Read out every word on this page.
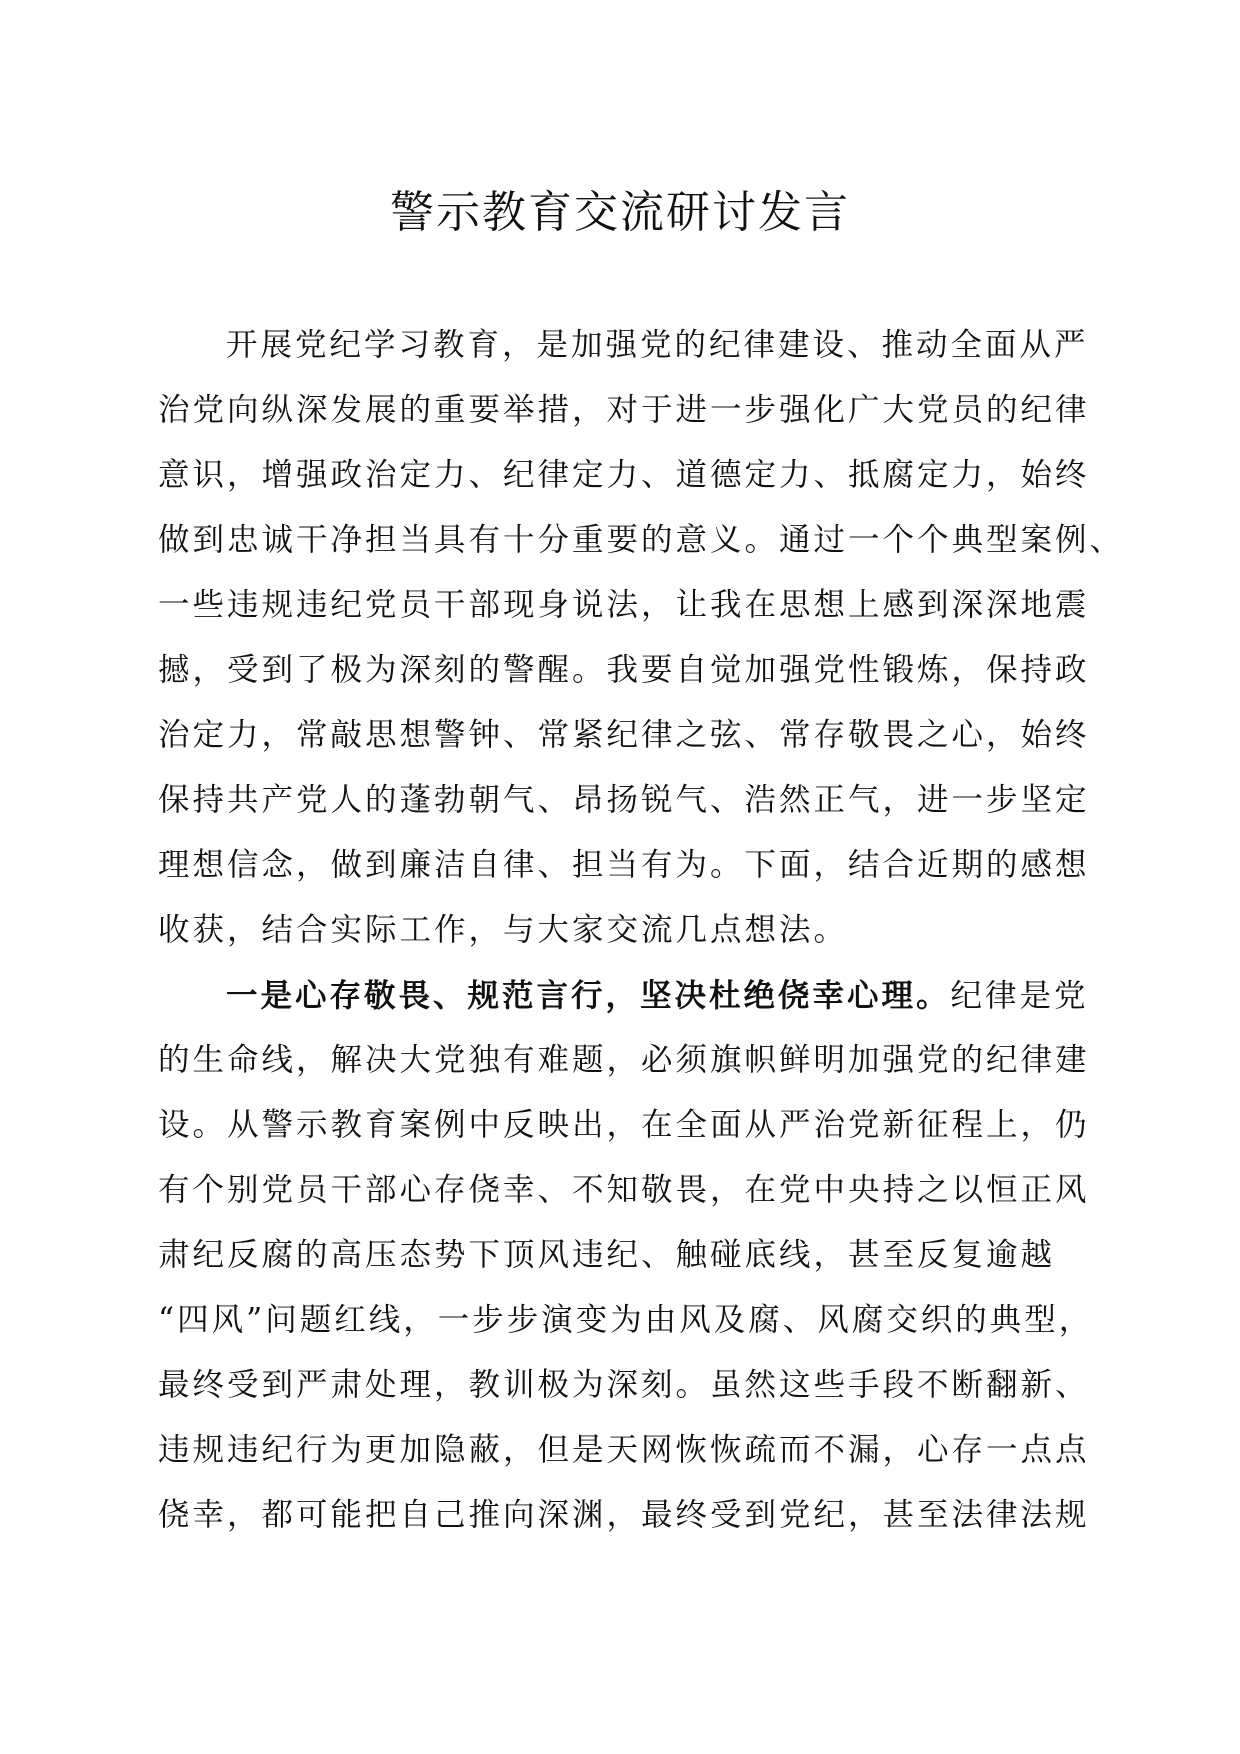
警示教育交流研讨发言
开展党纪学习教育，是加强党的纪律建设、推动全面从严
治党向纵深发展的重要举措，对于进一步强化广大党员的纪律
意识，增强政治定力、纪律定力、道德定力、抵腐定力，始终
做到忠诚干净担当具有十分重要的意义。通过一个个典型案例、
一些违规违纪党员干部现身说法，让我在思想上感到深深地震
撼，受到了极为深刻的警醒。我要自觉加强党性锻炼，保持政
治定力，常敲思想警钟、常紧纪律之弦、常存敬畏之心，始终
保持共产党人的蓬勃朝气、昂扬锐气、浩然正气，进一步坚定
理想信念，做到廉洁自律、担当有为。下面，结合近期的感想
收获，结合实际工作，与大家交流几点想法。
一是心存敬畏、规范言行，坚决杜绝侥幸心理。纪律是党
的生命线，解决大党独有难题，必须旗帜鲜明加强党的纪律建
设。从警示教育案例中反映出，在全面从严治党新征程上，仍
有个别党员干部心存侥幸、不知敬畏，在党中央持之以恒正风
肃纪反腐的高压态势下顶风违纪、触碰底线，甚至反复逾越
“四风”问题红线，一步步演变为由风及腐、风腐交织的典型，
最终受到严肃处理，教训极为深刻。虽然这些手段不断翻新、
违规违纪行为更加隐蔽，但是天网恢恢疏而不漏，心存一点点
侥幸，都可能把自己推向深渊，最终受到党纪，甚至法律法规
